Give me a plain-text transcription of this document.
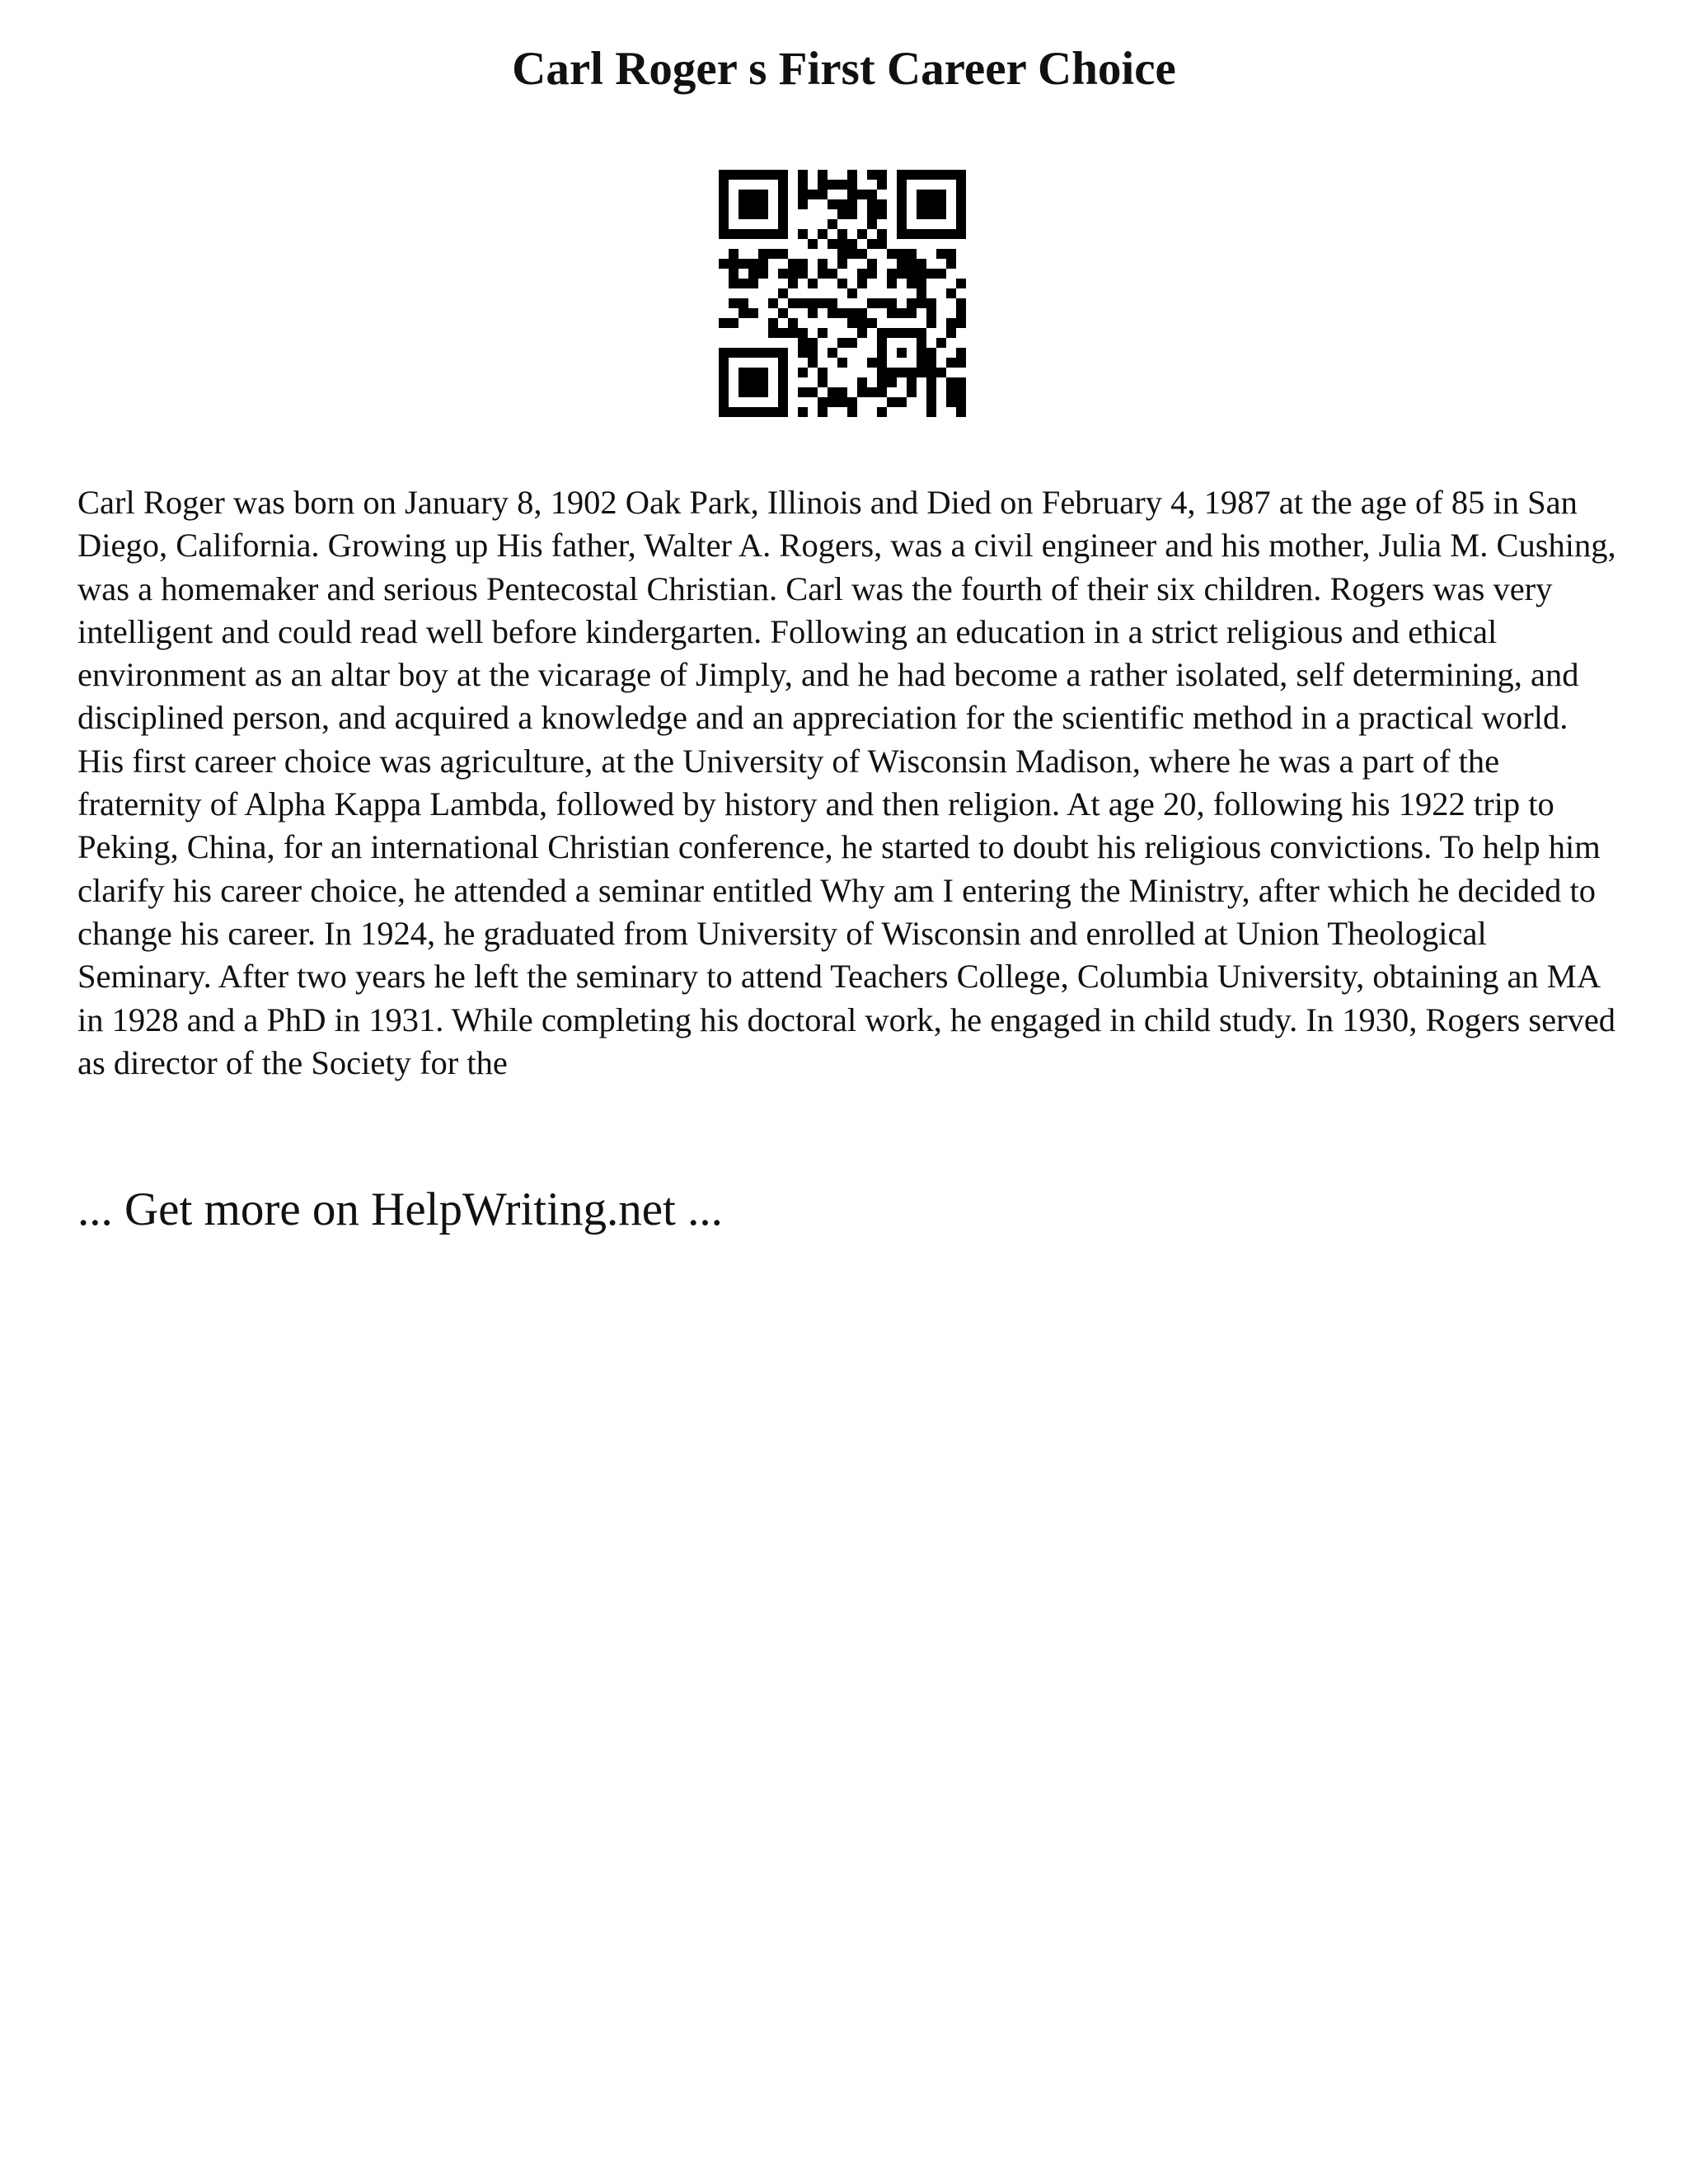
Carl Roger s First Career Choice

Carl Roger was born on January 8, 1902 Oak Park, Illinois and Died on February 4, 1987 at the age of 85 in San Diego, California. Growing up His father, Walter A. Rogers, was a civil engineer and his mother, Julia M. Cushing, was a homemaker and serious Pentecostal Christian. Carl was the fourth of their six children. Rogers was very intelligent and could read well before kindergarten. Following an education in a strict religious and ethical environment as an altar boy at the vicarage of Jimply, and he had become a rather isolated, self determining, and disciplined person, and acquired a knowledge and an appreciation for the scientific method in a practical world. His first career choice was agriculture, at the University of Wisconsin Madison, where he was a part of the fraternity of Alpha Kappa Lambda, followed by history and then religion. At age 20, following his 1922 trip to Peking, China, for an international Christian conference, he started to doubt his religious convictions. To help him clarify his career choice, he attended a seminar entitled Why am I entering the Ministry, after which he decided to change his career. In 1924, he graduated from University of Wisconsin and enrolled at Union Theological Seminary. After two years he left the seminary to attend Teachers College, Columbia University, obtaining an MA in 1928 and a PhD in 1931. While completing his doctoral work, he engaged in child study. In 1930, Rogers served as director of the Society for the

... Get more on HelpWriting.net ...
